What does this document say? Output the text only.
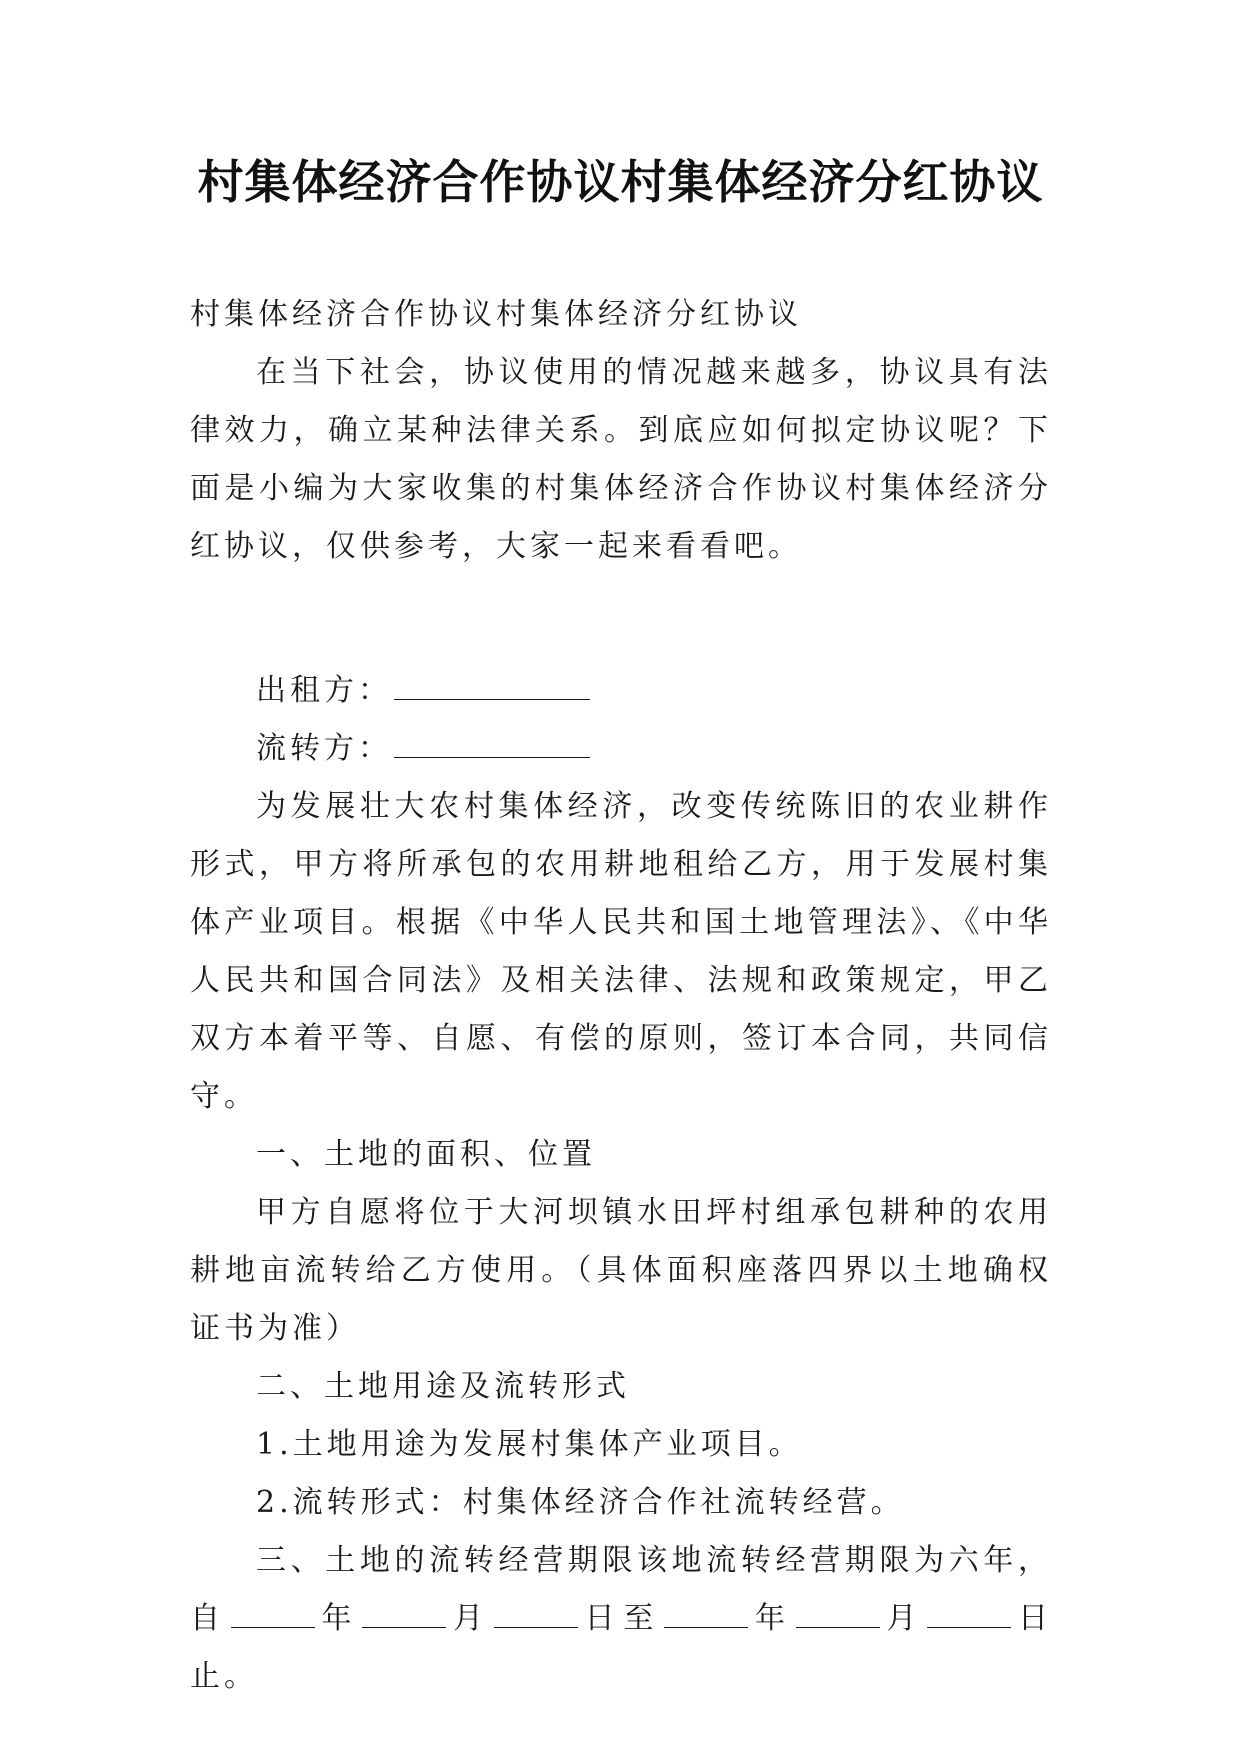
村集体经济合作协议村集体经济分红协议

村集体经济合作协议村集体经济分红协议

在当下社会，协议使用的情况越来越多，协议具有法律效力，确立某种法律关系。到底应如何拟定协议呢？下面是小编为大家收集的村集体经济合作协议村集体经济分红协议，仅供参考，大家一起来看看吧。

出租方：

流转方：

为发展壮大农村集体经济，改变传统陈旧的农业耕作形式，甲方将所承包的农用耕地租给乙方，用于发展村集体产业项目。根据《中华人民共和国土地管理法》、《中华人民共和国合同法》及相关法律、法规和政策规定，甲乙双方本着平等、自愿、有偿的原则，签订本合同，共同信守。

一、土地的面积、位置

甲方自愿将位于大河坝镇水田坪村组承包耕种的农用耕地亩流转给乙方使用。（具体面积座落四界以土地确权证书为准）

二、土地用途及流转形式

1.土地用途为发展村集体产业项目。

2.流转形式：村集体经济合作社流转经营。

三、土地的流转经营期限该地流转经营期限为六年，自	年	月	日至	年	月	日止。
